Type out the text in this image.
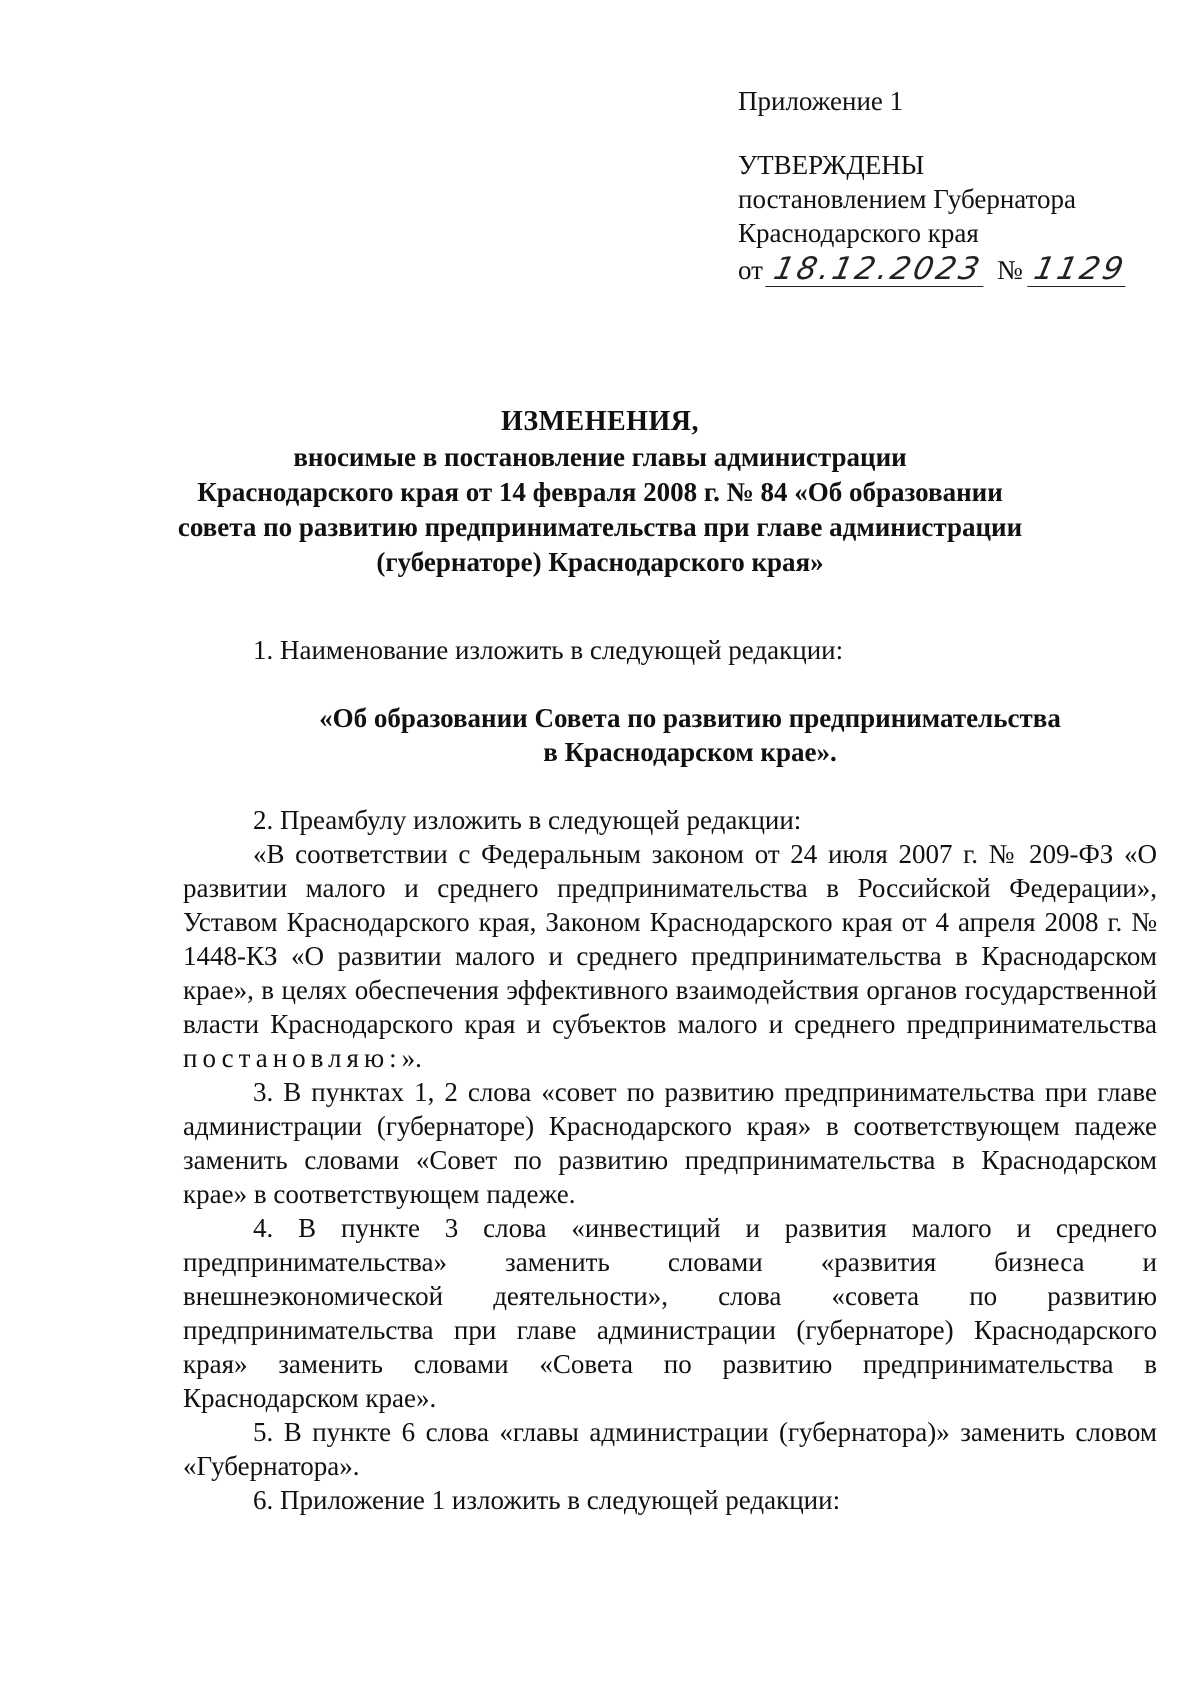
Приложение 1
УТВЕРЖДЕНЫ
постановлением Губернатора
Краснодарского края
от 18.12.2023 № 1129
ИЗМЕНЕНИЯ,
вносимые в постановление главы администрации
Краснодарского края от 14 февраля 2008 г. № 84 «Об образовании
совета по развитию предпринимательства при главе администрации
(губернаторе) Краснодарского края»

1. Наименование изложить в следующей редакции:

«Об образовании Совета по развитию предпринимательства
в Краснодарском крае».

2. Преамбулу изложить в следующей редакции:

«В соответствии с Федеральным законом от 24 июля 2007 г. № 209-ФЗ «О развитии малого и среднего предпринимательства в Российской Федерации», Уставом Краснодарского края, Законом Краснодарского края от 4 апреля 2008 г. № 1448-КЗ «О развитии малого и среднего предпринимательства в Краснодарском крае», в целях обеспечения эффективного взаимодействия органов государственной власти Краснодарского края и субъектов малого и среднего предпринимательства постановляю:».

3. В пунктах 1, 2 слова «совет по развитию предпринимательства при главе администрации (губернаторе) Краснодарского края» в соответствующем падеже заменить словами «Совет по развитию предпринимательства в Краснодарском крае» в соответствующем падеже.

4. В пункте 3 слова «инвестиций и развития малого и среднего предпринимательства» заменить словами «развития бизнеса и внешнеэкономической деятельности», слова «совета по развитию предпринимательства при главе администрации (губернаторе) Краснодарского края» заменить словами «Совета по развитию предпринимательства в Краснодарском крае».

5. В пункте 6 слова «главы администрации (губернатора)» заменить словом «Губернатора».

6. Приложение 1 изложить в следующей редакции:
